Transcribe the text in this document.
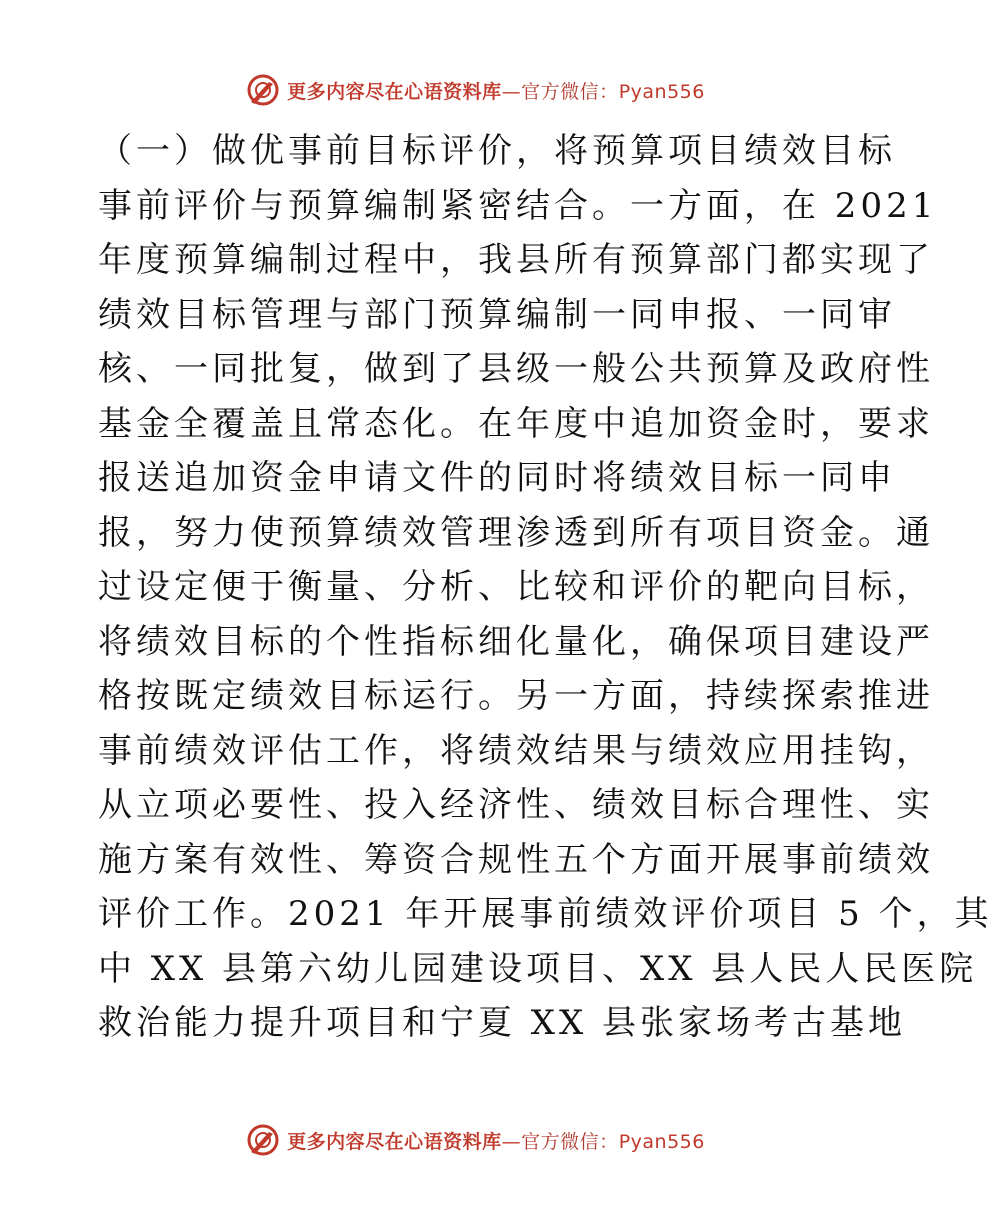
更多内容尽在心语资料库—官方微信：Pyan556
（一）做优事前目标评价，将预算项目绩效目标
事前评价与预算编制紧密结合。一方面，在 2021
年度预算编制过程中，我县所有预算部门都实现了
绩效目标管理与部门预算编制一同申报、一同审
核、一同批复，做到了县级一般公共预算及政府性
基金全覆盖且常态化。在年度中追加资金时，要求
报送追加资金申请文件的同时将绩效目标一同申
报，努力使预算绩效管理渗透到所有项目资金。通
过设定便于衡量、分析、比较和评价的靶向目标，
将绩效目标的个性指标细化量化，确保项目建设严
格按既定绩效目标运行。另一方面，持续探索推进
事前绩效评估工作，将绩效结果与绩效应用挂钩，
从立项必要性、投入经济性、绩效目标合理性、实
施方案有效性、筹资合规性五个方面开展事前绩效
评价工作。2021 年开展事前绩效评价项目 5 个，其
中 XX 县第六幼儿园建设项目、XX 县人民人民医院
救治能力提升项目和宁夏 XX 县张家场考古基地
更多内容尽在心语资料库—官方微信：Pyan556
